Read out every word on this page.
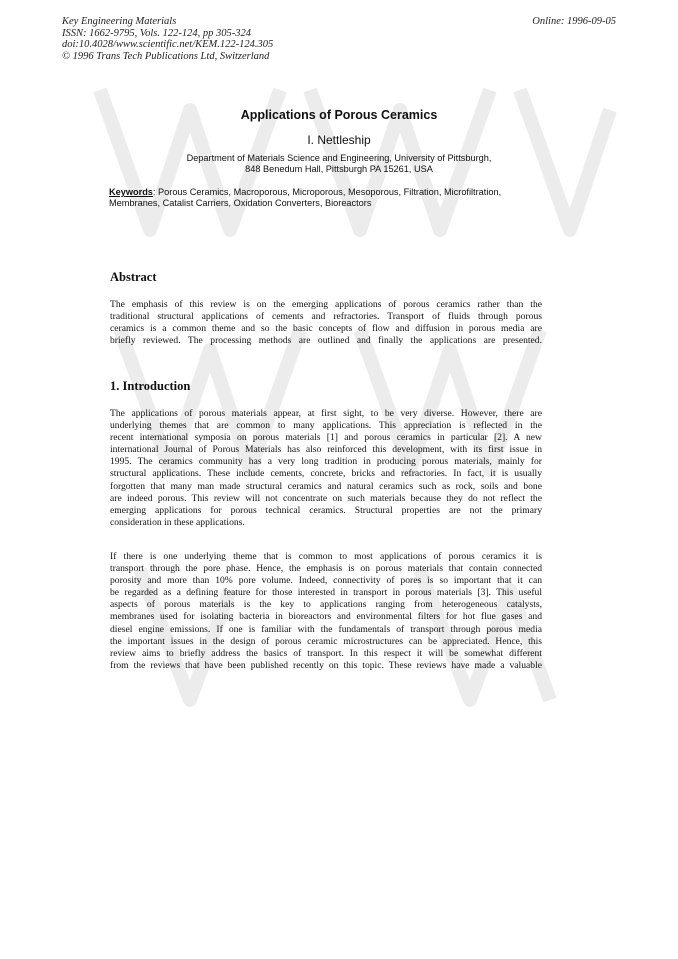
Key Engineering Materials
ISSN: 1662-9795, Vols. 122-124, pp 305-324
doi:10.4028/www.scientific.net/KEM.122-124.305
© 1996 Trans Tech Publications Ltd, Switzerland
Online: 1996-09-05
Applications of Porous Ceramics
I. Nettleship
Department of Materials Science and Engineering, University of Pittsburgh,
848 Benedum Hall, Pittsburgh PA 15261, USA
Keywords: Porous Ceramics, Macroporous, Microporous, Mesoporous, Filtration, Microfiltration,
Membranes, Catalist Carriers, Oxidation Converters, Bioreactors
Abstract
The emphasis of this review is on the emerging applications of porous ceramics rather than the
traditional structural applications of cements and refractories. Transport of fluids through porous
ceramics is a common theme and so the basic concepts of flow and diffusion in porous media are
briefly reviewed. The processing methods are outlined and finally the applications are presented.
1. Introduction
The applications of porous materials appear, at first sight, to be very diverse. However, there are
underlying themes that are common to many applications. This appreciation is reflected in the
recent international symposia on porous materials [1] and porous ceramics in particular [2]. A new
international Journal of Porous Materials has also reinforced this development, with its first issue in
1995. The ceramics community has a very long tradition in producing porous materials, mainly for
structural applications. These include cements, concrete, bricks and refractories. In fact, it is usually
forgotten that many man made structural ceramics and natural ceramics such as rock, soils and bone
are indeed porous. This review will not concentrate on such materials because they do not reflect the
emerging applications for porous technical ceramics. Structural properties are not the primary
consideration in these applications.
If there is one underlying theme that is common to most applications of porous ceramics it is
transport through the pore phase. Hence, the emphasis is on porous materials that contain connected
porosity and more than 10% pore volume. Indeed, connectivity of pores is so important that it can
be regarded as a defining feature for those interested in transport in porous materials [3]. This useful
aspects of porous materials is the key to applications ranging from heterogeneous catalysts,
membranes used for isolating bacteria in bioreactors and environmental filters for hot flue gases and
diesel engine emissions. If one is familiar with the fundamentals of transport through porous media
the important issues in the design of porous ceramic microstructures can be appreciated. Hence, this
review aims to briefly address the basics of transport. In this respect it will be somewhat different
from the reviews that have been published recently on this topic. These reviews have made a valuable
